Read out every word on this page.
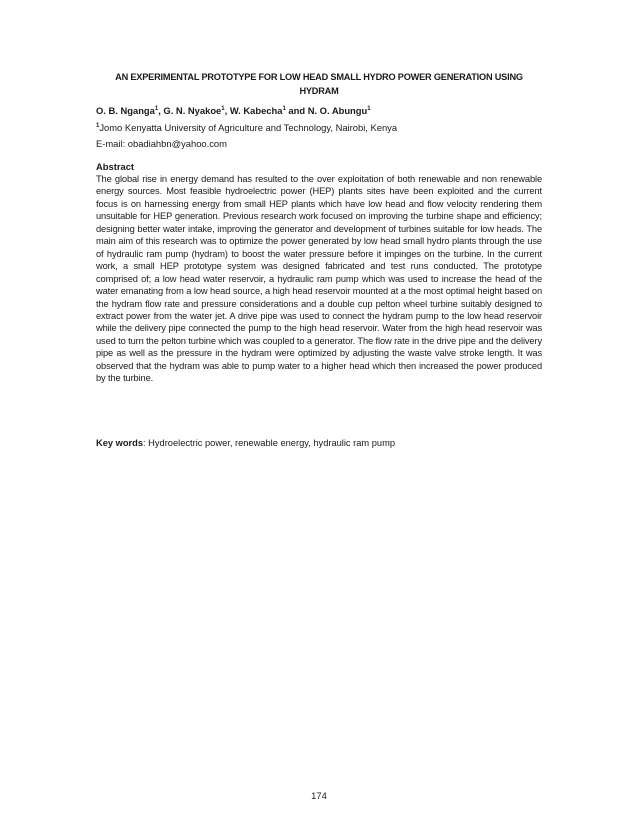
AN EXPERIMENTAL PROTOTYPE FOR LOW HEAD SMALL HYDRO POWER GENERATION USING HYDRAM
O. B. Nganga$^1$, G. N. Nyakoe$^1$, W. Kabecha$^1$ and N. O. Abungu$^1$
$^1$Jomo Kenyatta University of Agriculture and Technology, Nairobi, Kenya
E-mail: obadiahbn@yahoo.com
Abstract

The global rise in energy demand has resulted to the over exploitation of both renewable and non renewable energy sources. Most feasible hydroelectric power (HEP) plants sites have been exploited and the current focus is on harnessing energy from small HEP plants which have low head and flow velocity rendering them unsuitable for HEP generation. Previous research work focused on improving the turbine shape and efficiency; designing better water intake, improving the generator and development of turbines suitable for low heads. The main aim of this research was to optimize the power generated by low head small hydro plants through the use of hydraulic ram pump (hydram) to boost the water pressure before it impinges on the turbine. In the current work, a small HEP prototype system was designed fabricated and test runs conducted. The prototype comprised of; a low head water reservoir, a hydraulic ram pump which was used to increase the head of the water emanating from a low head source, a high head reservoir mounted at a the most optimal height based on the hydram flow rate and pressure considerations and a double cup pelton wheel turbine suitably designed to extract power from the water jet. A drive pipe was used to connect the hydram pump to the low head reservoir while the delivery pipe connected the pump to the high head reservoir. Water from the high head reservoir was used to turn the pelton turbine which was coupled to a generator. The flow rate in the drive pipe and the delivery pipe as well as the pressure in the hydram were optimized by adjusting the waste valve stroke length. It was observed that the hydram was able to pump water to a higher head which then increased the power produced by the turbine.

Key words: Hydroelectric power, renewable energy, hydraulic ram pump
174
